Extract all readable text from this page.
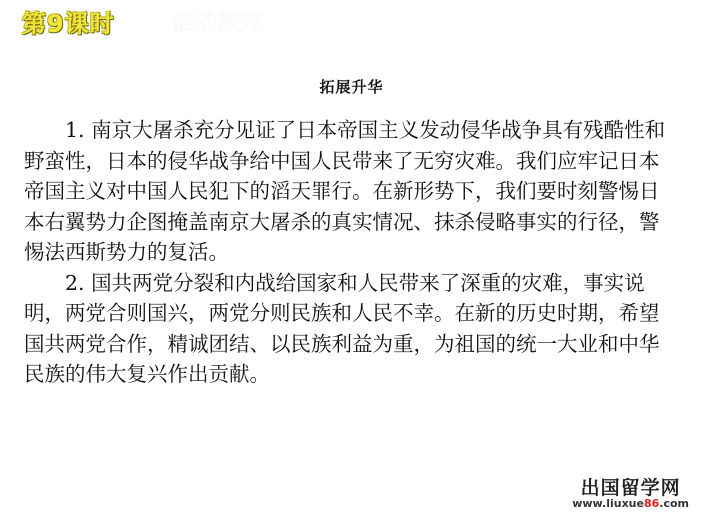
第9课时	活动探究
拓展升华

1. 南京大屠杀充分见证了日本帝国主义发动侵华战争具有残酷性和野蛮性，日本的侵华战争给中国人民带来了无穷灾难。我们应牢记日本帝国主义对中国人民犯下的滔天罪行。在新形势下，我们要时刻警惕日本右翼势力企图掩盖南京大屠杀的真实情况、抹杀侵略事实的行径，警惕法西斯势力的复活。

2. 国共两党分裂和内战给国家和人民带来了深重的灾难，事实说明，两党合则国兴，两党分则民族和人民不幸。在新的历史时期，希望国共两党合作，精诚团结、以民族利益为重，为祖国的统一大业和中华民族的伟大复兴作出贡献。

出国留学网
www.liuxue86.com
